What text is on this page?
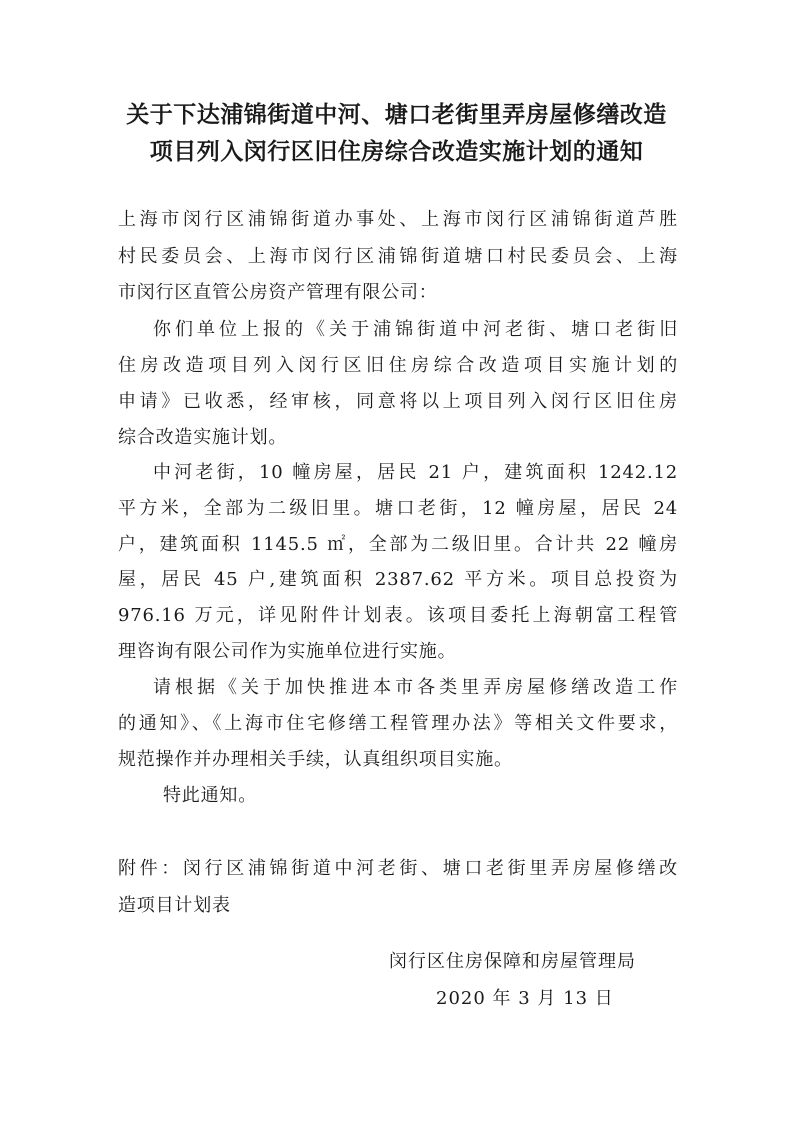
关于下达浦锦街道中河、塘口老街里弄房屋修缮改造
项目列入闵行区旧住房综合改造实施计划的通知
上海市闵行区浦锦街道办事处、上海市闵行区浦锦街道芦胜
村民委员会、上海市闵行区浦锦街道塘口村民委员会、上海
市闵行区直管公房资产管理有限公司：
你们单位上报的《关于浦锦街道中河老街、塘口老街旧
住房改造项目列入闵行区旧住房综合改造项目实施计划的
申请》已收悉，经审核，同意将以上项目列入闵行区旧住房
综合改造实施计划。
中河老街，10 幢房屋，居民 21 户，建筑面积 1242.12
平方米，全部为二级旧里。塘口老街，12 幢房屋，居民 24
户，建筑面积 1145.5 ㎡，全部为二级旧里。合计共 22 幢房
屋，居民 45 户,建筑面积 2387.62 平方米。项目总投资为
976.16 万元，详见附件计划表。该项目委托上海朝富工程管
理咨询有限公司作为实施单位进行实施。
请根据《关于加快推进本市各类里弄房屋修缮改造工作
的通知》、《上海市住宅修缮工程管理办法》等相关文件要求，
规范操作并办理相关手续，认真组织项目实施。
特此通知。
附件：闵行区浦锦街道中河老街、塘口老街里弄房屋修缮改
造项目计划表
闵行区住房保障和房屋管理局
2020 年 3 月 13 日
